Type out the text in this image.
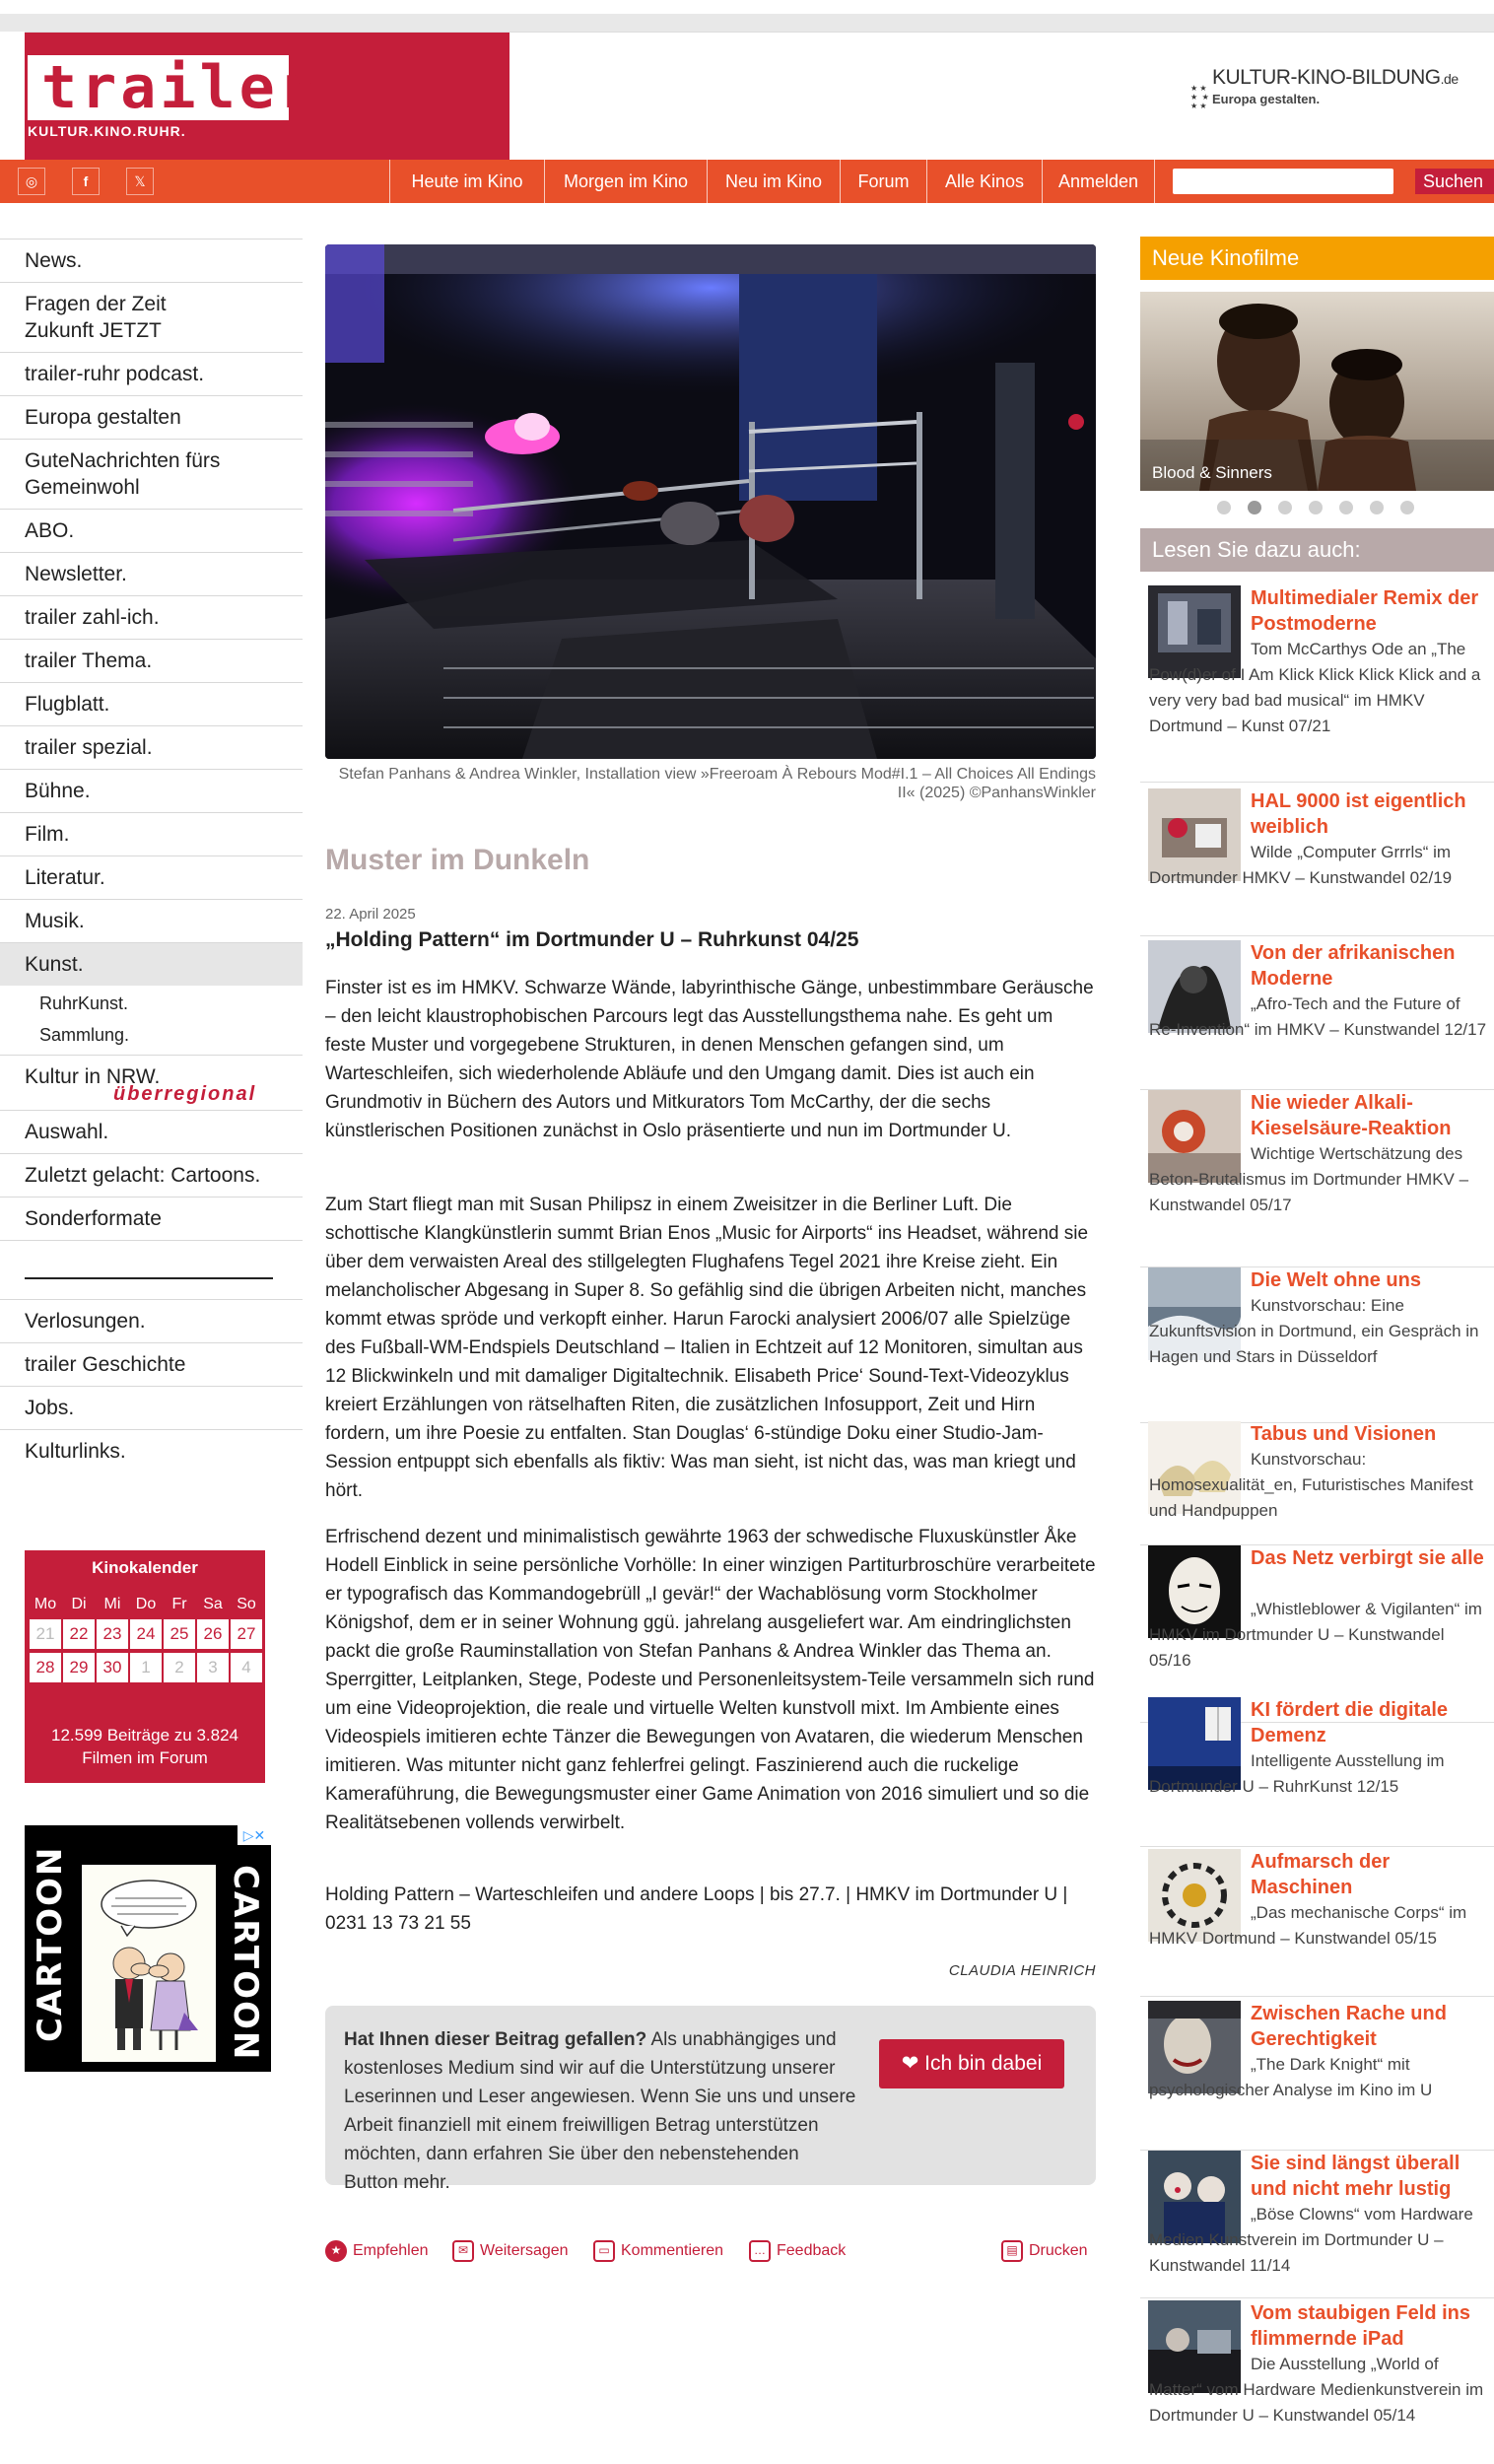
trailer
KULTUR.KINO.RUHR.
★ ★
★  ★
★ ★
KULTUR-KINO-BILDUNG.de
Europa gestalten.
◎	f	𝕏	Heute im Kino	Morgen im Kino	Neu im Kino	Forum	Alle Kinos	Anmelden	Suchen
News.
Fragen der Zeit
Zukunft JETZT
trailer-ruhr podcast.
Europa gestalten
GuteNachrichten fürs Gemeinwohl
ABO.
Newsletter.
trailer zahl-ich.
trailer Thema.
Flugblatt.
trailer spezial.
Bühne.
Film.
Literatur.
Musik.
Kunst.
RuhrKunst.
Sammlung.
Kultur in NRW.
überregional
Auswahl.
Zuletzt gelacht: Cartoons.
Sonderformate
Verlosungen.
trailer Geschichte
Jobs.
Kulturlinks.
Kinokalender
Mo Di	Mi Do	Fr	Sa So
21 22 23 24 25 26 27
28 29 30	1	2	3	4
12.599 Beiträge zu 3.824 Filmen im Forum
▷✕
CARTOON	CARTOON
Stefan Panhans & Andrea Winkler, Installation view »Freeroam À Rebours Mod#I.1 – All Choices All Endings II« (2025) ©PanhansWinkler
Muster im Dunkeln
22. April 2025
„Holding Pattern“ im Dortmunder U – Ruhrkunst 04/25
Finster ist es im HMKV. Schwarze Wände, labyrinthische Gänge, unbestimmbare Geräusche – den leicht klaustrophobischen Parcours legt das Ausstellungsthema nahe. Es geht um feste Muster und vorgegebene Strukturen, in denen Menschen gefangen sind, um Warteschleifen, sich wiederholende Abläufe und den Umgang damit. Dies ist auch ein Grundmotiv in Büchern des Autors und Mitkurators Tom McCarthy, der die sechs künstlerischen Positionen zunächst in Oslo präsentierte und nun im Dortmunder U.
Zum Start fliegt man mit Susan Philipsz in einem Zweisitzer in die Berliner Luft. Die schottische Klangkünstlerin summt Brian Enos „Music for Airports“ ins Headset, während sie über dem verwaisten Areal des stillgelegten Flughafens Tegel 2021 ihre Kreise zieht. Ein melancholischer Abgesang in Super 8. So gefählig sind die übrigen Arbeiten nicht, manches kommt etwas spröde und verkopft einher. Harun Farocki analysiert 2006/07 alle Spielzüge des Fußball-WM-Endspiels Deutschland – Italien in Echtzeit auf 12 Monitoren, simultan aus 12 Blickwinkeln und mit damaliger Digitaltechnik. Elisabeth Price‘ Sound-Text-Videozyklus kreiert Erzählungen von rätselhaften Riten, die zusätzlichen Infosupport, Zeit und Hirn fordern, um ihre Poesie zu entfalten. Stan Douglas‘ 6-stündige Doku einer Studio-Jam-Session entpuppt sich ebenfalls als fiktiv: Was man sieht, ist nicht das, was man kriegt und hört.
Erfrischend dezent und minimalistisch gewährte 1963 der schwedische Fluxuskünstler Åke Hodell Einblick in seine persönliche Vorhölle: In einer winzigen Partiturbroschüre verarbeitete er typografisch das Kommandogebrüll „I gevär!“ der Wachablösung vorm Stockholmer Königshof, dem er in seiner Wohnung ggü. jahrelang ausgeliefert war. Am eindringlichsten packt die große Rauminstallation von Stefan Panhans & Andrea Winkler das Thema an. Sperrgitter, Leitplanken, Stege, Podeste und Personenleitsystem-Teile versammeln sich rund um eine Videoprojektion, die reale und virtuelle Welten kunstvoll mixt. Im Ambiente eines Videospiels imitieren echte Tänzer die Bewegungen von Avataren, die wiederum Menschen imitieren. Was mitunter nicht ganz fehlerfrei gelingt. Faszinierend auch die ruckelige Kameraführung, die Bewegungsmuster einer Game Animation von 2016 simuliert und so die Realitätsebenen vollends verwirbelt.
Holding Pattern – Warteschleifen und andere Loops | bis 27.7. | HMKV im Dortmunder U | 0231 13 73 21 55
CLAUDIA HEINRICH
Hat Ihnen dieser Beitrag gefallen? Als unabhängiges und kostenloses Medium sind wir auf die Unterstützung unserer Leserinnen und Leser angewiesen. Wenn Sie uns und unsere Arbeit finanziell mit einem freiwilligen Betrag unterstützen möchten, dann erfahren Sie über den nebenstehenden Button mehr.
❤ Ich bin dabei
★ Empfehlen	✉ Weitersagen	▭ Kommentieren	… Feedback	▤ Drucken
Neue Kinofilme
Blood & Sinners
Lesen Sie dazu auch:
Multimedialer Remix der Postmoderne
Tom McCarthys Ode an „The Pow(d)er of I Am Klick Klick Klick Klick and a very very bad bad musical“ im HMKV Dortmund – Kunst 07/21
HAL 9000 ist eigentlich weiblich
Wilde „Computer Grrrls“ im Dortmunder HMKV – Kunstwandel 02/19
Von der afrikanischen Moderne
„Afro-Tech and the Future of Re-Invention“ im HMKV – Kunstwandel 12/17
Nie wieder Alkali-Kieselsäure-Reaktion
Wichtige Wertschätzung des Beton-Brutalismus im Dortmunder HMKV – Kunstwandel 05/17
Die Welt ohne uns
Kunstvorschau: Eine Zukunftsvision in Dortmund, ein Gespräch in Hagen und Stars in Düsseldorf
Tabus und Visionen
Kunstvorschau: Homosexualität_en, Futuristisches Manifest und Handpuppen
Das Netz verbirgt sie alle
„Whistleblower & Vigilanten“ im HMKV im Dortmunder U – Kunstwandel 05/16
KI fördert die digitale Demenz
Intelligente Ausstellung im Dortmunder U – RuhrKunst 12/15
Aufmarsch der Maschinen
„Das mechanische Corps“ im HMKV Dortmund – Kunstwandel 05/15
Zwischen Rache und Gerechtigkeit
„The Dark Knight“ mit psychologischer Analyse im Kino im U
Sie sind längst überall und nicht mehr lustig
„Böse Clowns“ vom Hardware Medien Kunstverein im Dortmunder U – Kunstwandel 11/14
Vom staubigen Feld ins flimmernde iPad
Die Ausstellung „World of Matter“ vom Hardware Medienkunstverein im Dortmunder U – Kunstwandel 05/14
